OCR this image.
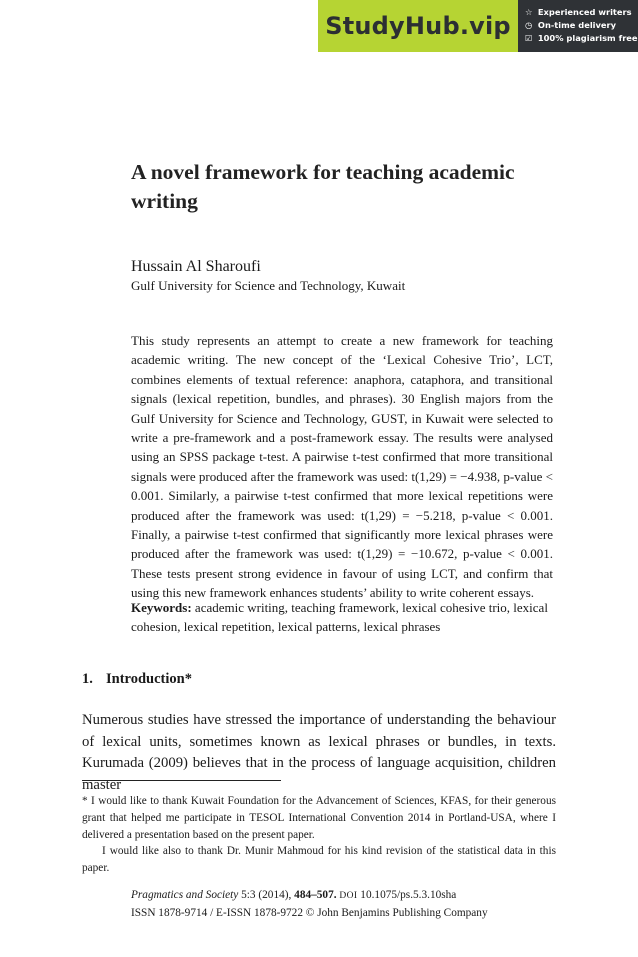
StudyHub.vip	☆ Experienced writers
◷ On-time delivery
☑ 100% plagiarism free
A novel framework for teaching academic writing
Hussain Al Sharoufi
Gulf University for Science and Technology, Kuwait

This study represents an attempt to create a new framework for teaching academic writing. The new concept of the ‘Lexical Cohesive Trio’, LCT, combines elements of textual reference: anaphora, cataphora, and transitional signals (lexical repetition, bundles, and phrases). 30 English majors from the Gulf University for Science and Technology, GUST, in Kuwait were selected to write a pre-framework and a post-framework essay. The results were analysed using an SPSS package t-test. A pairwise t-test confirmed that more transitional signals were produced after the framework was used: t(1,29) = −4.938, p-value < 0.001. Similarly, a pairwise t-test confirmed that more lexical repetitions were produced after the framework was used: t(1,29) = −5.218, p-value < 0.001. Finally, a pairwise t-test confirmed that significantly more lexical phrases were produced after the framework was used: t(1,29) = −10.672, p-value < 0.001. These tests present strong evidence in favour of using LCT, and confirm that using this new framework enhances students’ ability to write coherent essays.

Keywords: academic writing, teaching framework, lexical cohesive trio, lexical cohesion, lexical repetition, lexical patterns, lexical phrases

1. Introduction*

Numerous studies have stressed the importance of understanding the behaviour of lexical units, sometimes known as lexical phrases or bundles, in texts. Kurumada (2009) believes that in the process of language acquisition, children master

* I would like to thank Kuwait Foundation for the Advancement of Sciences, KFAS, for their generous grant that helped me participate in TESOL International Convention 2014 in Portland-USA, where I delivered a presentation based on the present paper.

I would like also to thank Dr. Munir Mahmoud for his kind revision of the statistical data in this paper.

Pragmatics and Society 5:3 (2014), 484–507. DOI 10.1075/ps.5.3.10sha
ISSN 1878-9714 / E-ISSN 1878-9722 © John Benjamins Publishing Company
